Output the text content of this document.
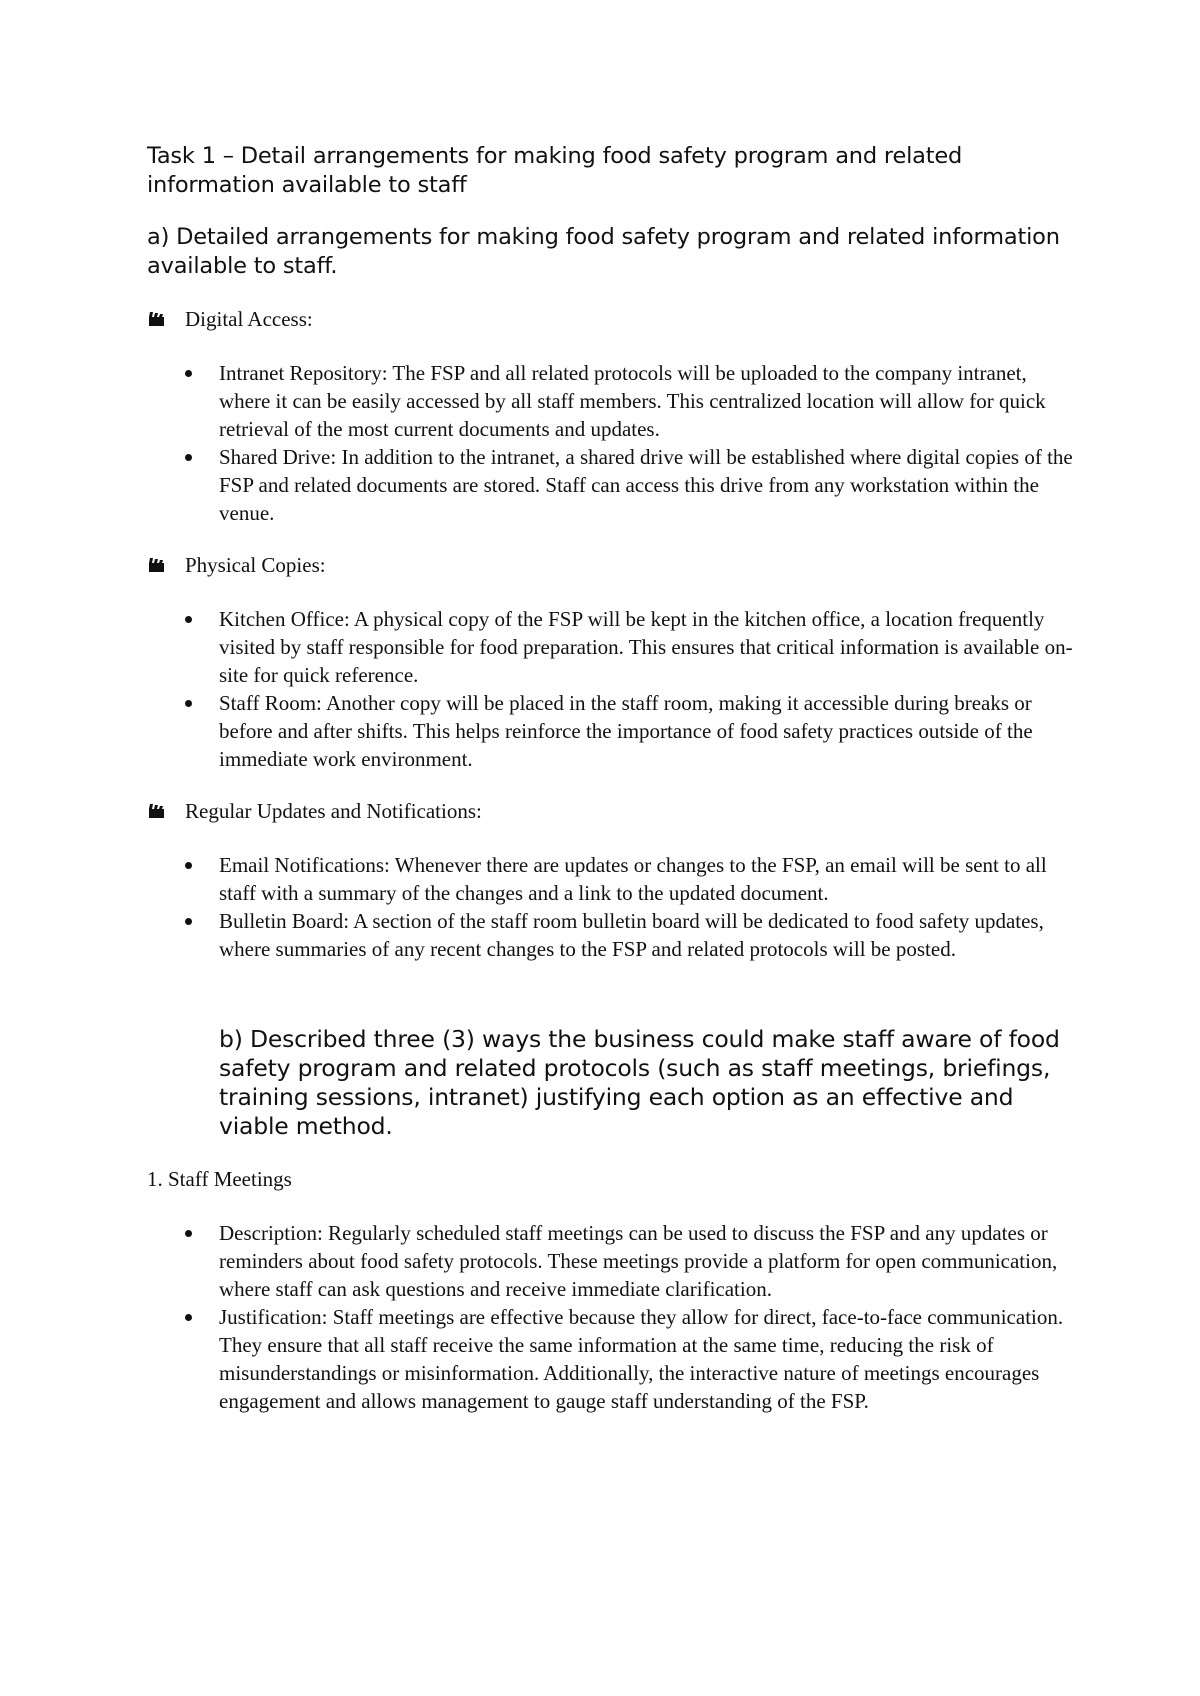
Task 1 – Detail arrangements for making food safety program and related information available to staff

a) Detailed arrangements for making food safety program and related information available to staff.

Digital Access:
Intranet Repository: The FSP and all related protocols will be uploaded to the company intranet, where it can be easily accessed by all staff members. This centralized location will allow for quick retrieval of the most current documents and updates.
Shared Drive: In addition to the intranet, a shared drive will be established where digital copies of the FSP and related documents are stored. Staff can access this drive from any workstation within the venue.
Physical Copies:
Kitchen Office: A physical copy of the FSP will be kept in the kitchen office, a location frequently visited by staff responsible for food preparation. This ensures that critical information is available on-site for quick reference.
Staff Room: Another copy will be placed in the staff room, making it accessible during breaks or before and after shifts. This helps reinforce the importance of food safety practices outside of the immediate work environment.
Regular Updates and Notifications:
Email Notifications: Whenever there are updates or changes to the FSP, an email will be sent to all staff with a summary of the changes and a link to the updated document.
Bulletin Board: A section of the staff room bulletin board will be dedicated to food safety updates, where summaries of any recent changes to the FSP and related protocols will be posted.

b) Described three (3) ways the business could make staff aware of food safety program and related protocols (such as staff meetings, briefings, training sessions, intranet) justifying each option as an effective and viable method.

1. Staff Meetings

Description: Regularly scheduled staff meetings can be used to discuss the FSP and any updates or reminders about food safety protocols. These meetings provide a platform for open communication, where staff can ask questions and receive immediate clarification.
Justification: Staff meetings are effective because they allow for direct, face-to-face communication. They ensure that all staff receive the same information at the same time, reducing the risk of misunderstandings or misinformation. Additionally, the interactive nature of meetings encourages engagement and allows management to gauge staff understanding of the FSP.
